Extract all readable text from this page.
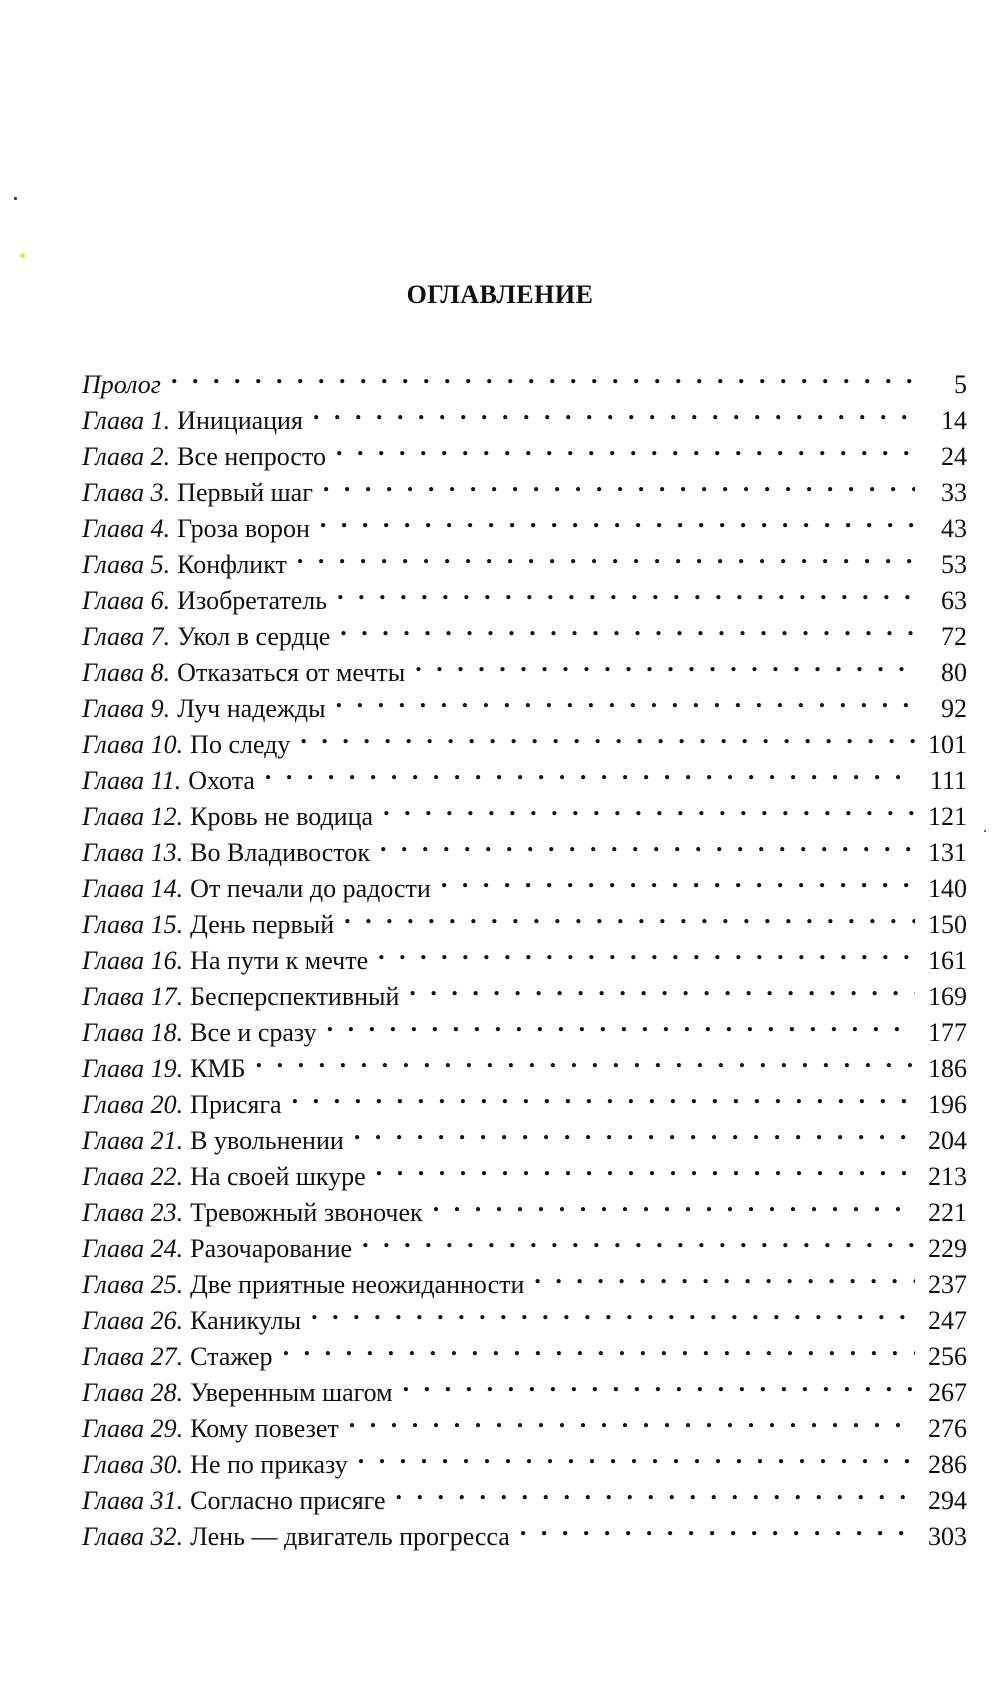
ОГЛАВЛЕНИЕ
Пролог . . .	5
Глава 1. Инициация . . .	14
Глава 2. Все непросто . . .	24
Глава 3. Первый шаг . . .	33
Глава 4. Гроза ворон . . .	43
Глава 5. Конфликт . . .	53
Глава 6. Изобретатель . . .	63
Глава 7. Укол в сердце . . .	72
Глава 8. Отказаться от мечты . . .	80
Глава 9. Луч надежды . . .	92
Глава 10. По следу . . .	101
Глава 11. Охота . . .	111
Глава 12. Кровь не водица . . .	121
Глава 13. Во Владивосток . . .	131
Глава 14. От печали до радости . . .	140
Глава 15. День первый . . .	150
Глава 16. На пути к мечте . . .	161
Глава 17. Бесперспективный . . .	169
Глава 18. Все и сразу . . .	177
Глава 19. КМБ . . .	186
Глава 20. Присяга . . .	196
Глава 21. В увольнении . . .	204
Глава 22. На своей шкуре . . .	213
Глава 23. Тревожный звоночек . . .	221
Глава 24. Разочарование . . .	229
Глава 25. Две приятные неожиданности . . .	237
Глава 26. Каникулы . . .	247
Глава 27. Стажер . . .	256
Глава 28. Уверенным шагом . . .	267
Глава 29. Кому повезет . . .	276
Глава 30. Не по приказу . . .	286
Глава 31. Согласно присяге . . .	294
Глава 32. Лень — двигатель прогресса . . .	303
